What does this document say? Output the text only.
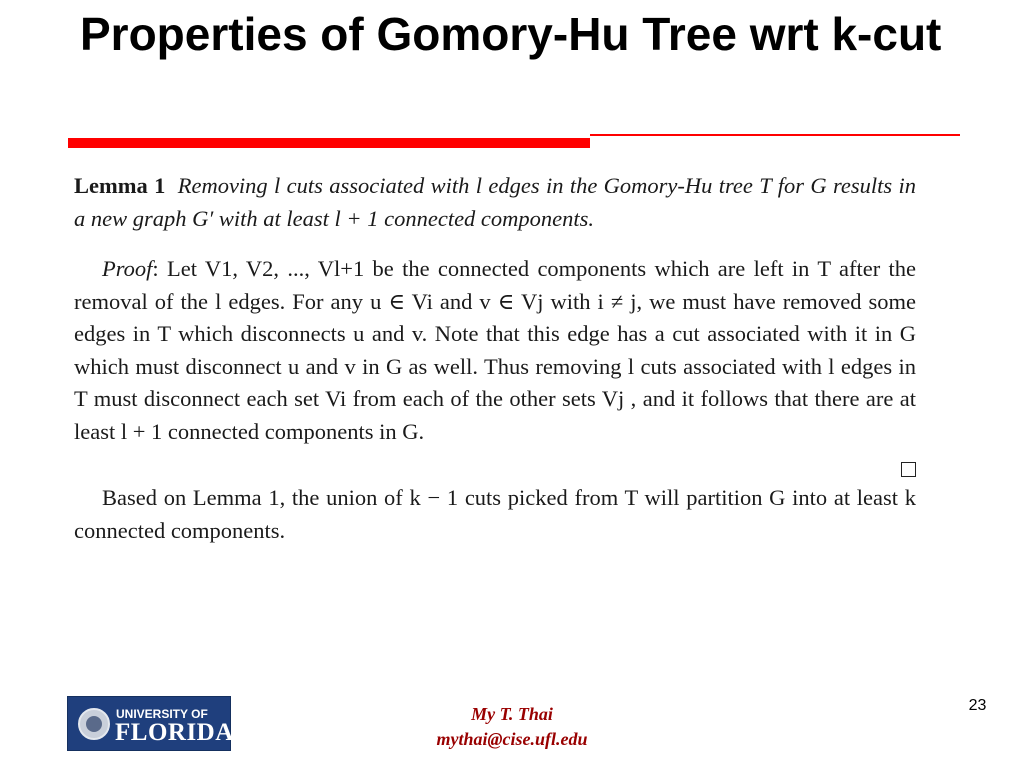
Properties of Gomory-Hu Tree wrt k-cut

Lemma 1 Removing l cuts associated with l edges in the Gomory-Hu tree T for G results in a new graph G′ with at least l + 1 connected components.

Proof: Let V1, V2, ..., Vl+1 be the connected components which are left in T after the removal of the l edges. For any u ∈ Vi and v ∈ Vj with i ≠ j, we must have removed some edges in T which disconnects u and v. Note that this edge has a cut associated with it in G which must disconnect u and v in G as well. Thus removing l cuts associated with l edges in T must disconnect each set Vi from each of the other sets Vj , and it follows that there are at least l + 1 connected components in G.

Based on Lemma 1, the union of k − 1 cuts picked from T will partition G into at least k connected components.

UNIVERSITY OF
FLORIDA
My T. Thai
mythai@cise.ufl.edu
23
